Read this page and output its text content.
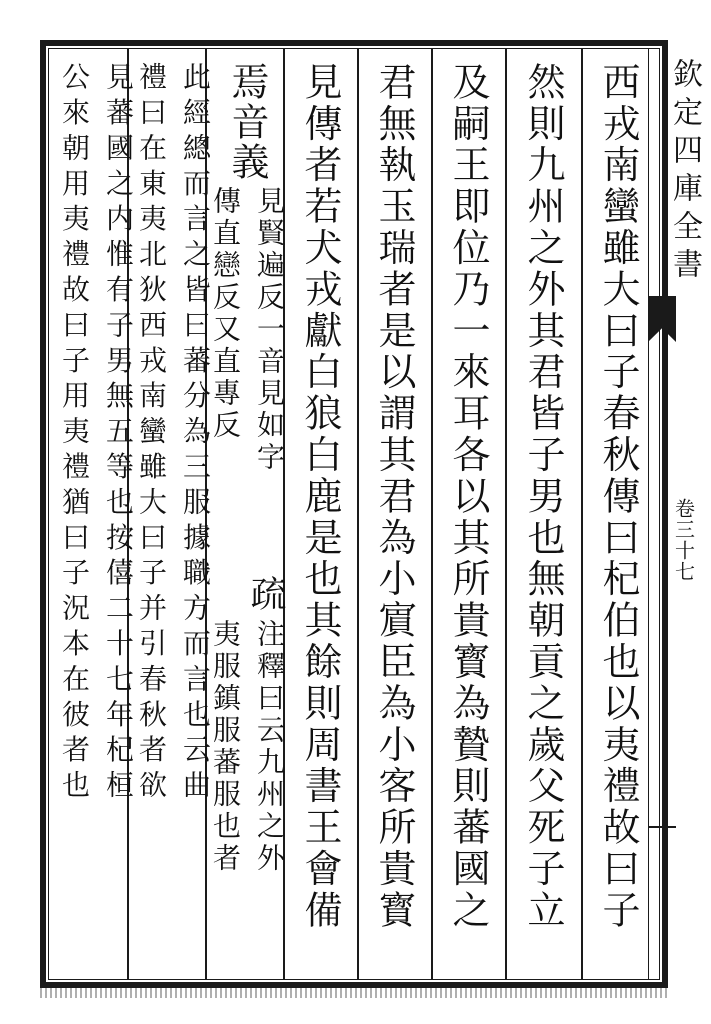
欽定四庫全書
卷三十七
西戎南蠻雖大曰子春秋傳曰杞伯也以夷禮故曰子
然則九州之外其君皆子男也無朝貢之歲父死子立
及嗣王即位乃一來耳各以其所貴寳為贄則蕃國之
君無執玉瑞者是以謂其君為小賔臣為小客所貴寳
見傳者若犬戎獻白狼白鹿是也其餘則周書王會備
焉音義
見賢遍反一音見如字
傳直戀反又直專反
疏
注釋曰云九州之外
夷服鎮服蕃服也者
此經總而言之皆曰蕃分為三服據職方而言也云曲
禮曰在東夷北狄西戎南蠻雖大曰子并引春秋者欲
見蕃國之内惟有子男無五等也按僖二十七年杞桓
公來朝用夷禮故曰子用夷禮猶曰子況本在彼者也
